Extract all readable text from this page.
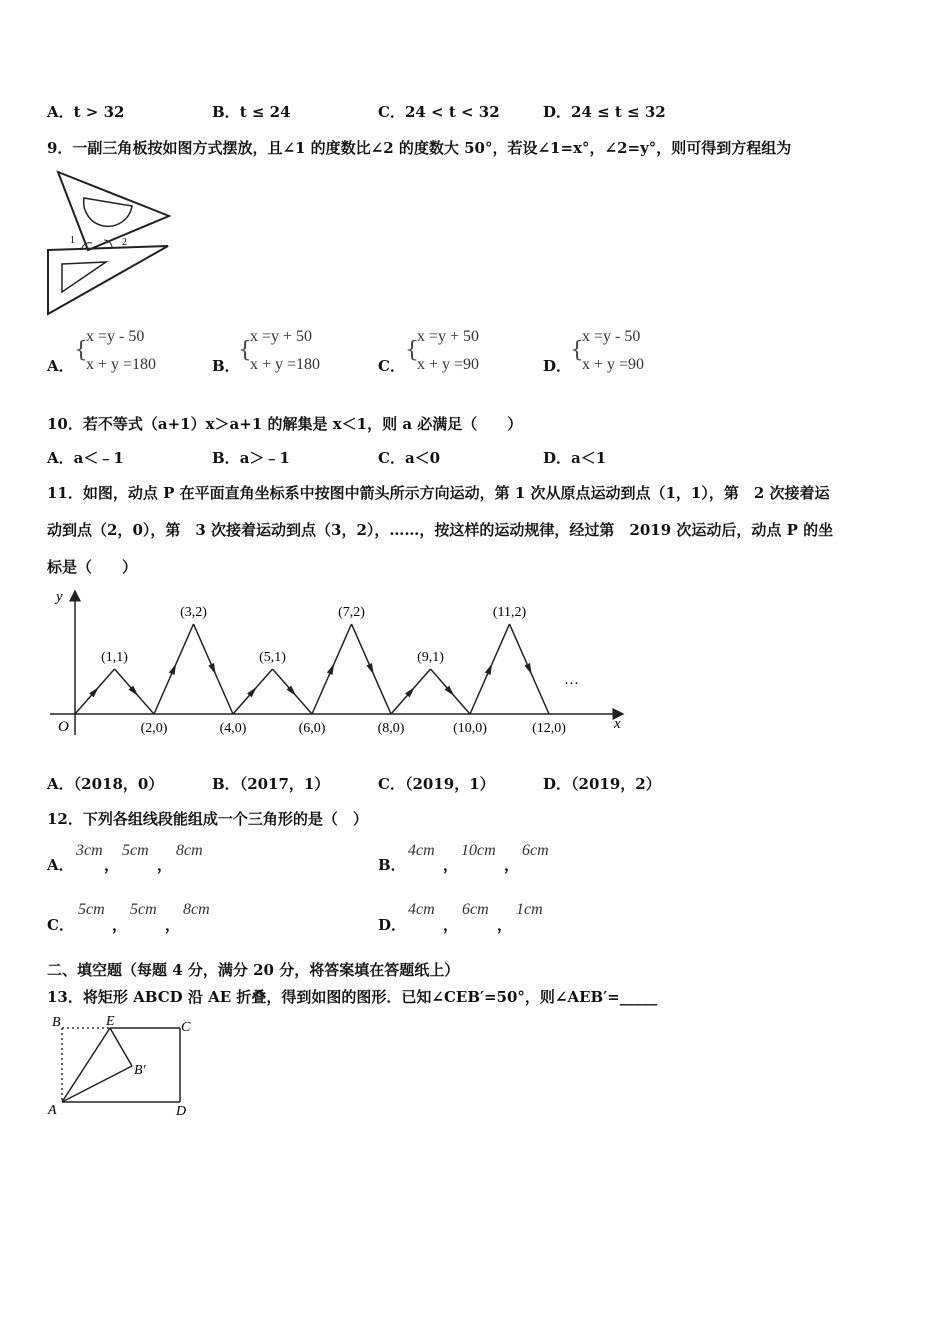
A．t > 32	B．t ≤ 24	C．24 < t < 32	D．24 ≤ t ≤ 32
9．一副三角板按如图方式摆放，且∠1 的度数比∠2 的度数大 50°，若设∠1=x°，∠2=y°，则可得到方程组为
1	2
A．
{
x =y - 50
x + y =180	B．
{
x =y + 50
x + y =180	C．
{
x =y + 50
x + y =90	D．
{
x =y - 50
x + y =90
10．若不等式（a+1）x＞a+1 的解集是 x＜1，则 a 必满足（　　）
A．a＜﹣1	B．a＞﹣1	C．a＜0	D．a＜1
11．如图，动点 P 在平面直角坐标系中按图中箭头所示方向运动，第 1 次从原点运动到点（1，1），第　2 次接着运
动到点（2，0），第　3 次接着运动到点（3，2），……，按这样的运动规律，经过第　2019 次运动后，动点 P 的坐
标是（　　）
y
x
O
…
(1,1)
(2,0)
(3,2)
(4,0)
(5,1)
(6,0)
(7,2)
(8,0)
(9,1)
(10,0)
(11,2)
(12,0)
A．（2018，0）	B．（2017，1）	C．（2019，1）	D．（2019，2）
12．下列各组线段能组成一个三角形的是（　）
A．
3cm
，
5cm
，
8cm
B．
4cm
，
10cm
，
6cm
C．
5cm
，
5cm
，
8cm
D．
4cm
，
6cm
，
1cm
二、填空题（每题 4 分，满分 20 分，将答案填在答题纸上）
13．将矩形 ABCD 沿 AE 折叠，得到如图的图形．已知∠CEB′=50°，则∠AEB′=_____
B	E	C
B′
A	D
